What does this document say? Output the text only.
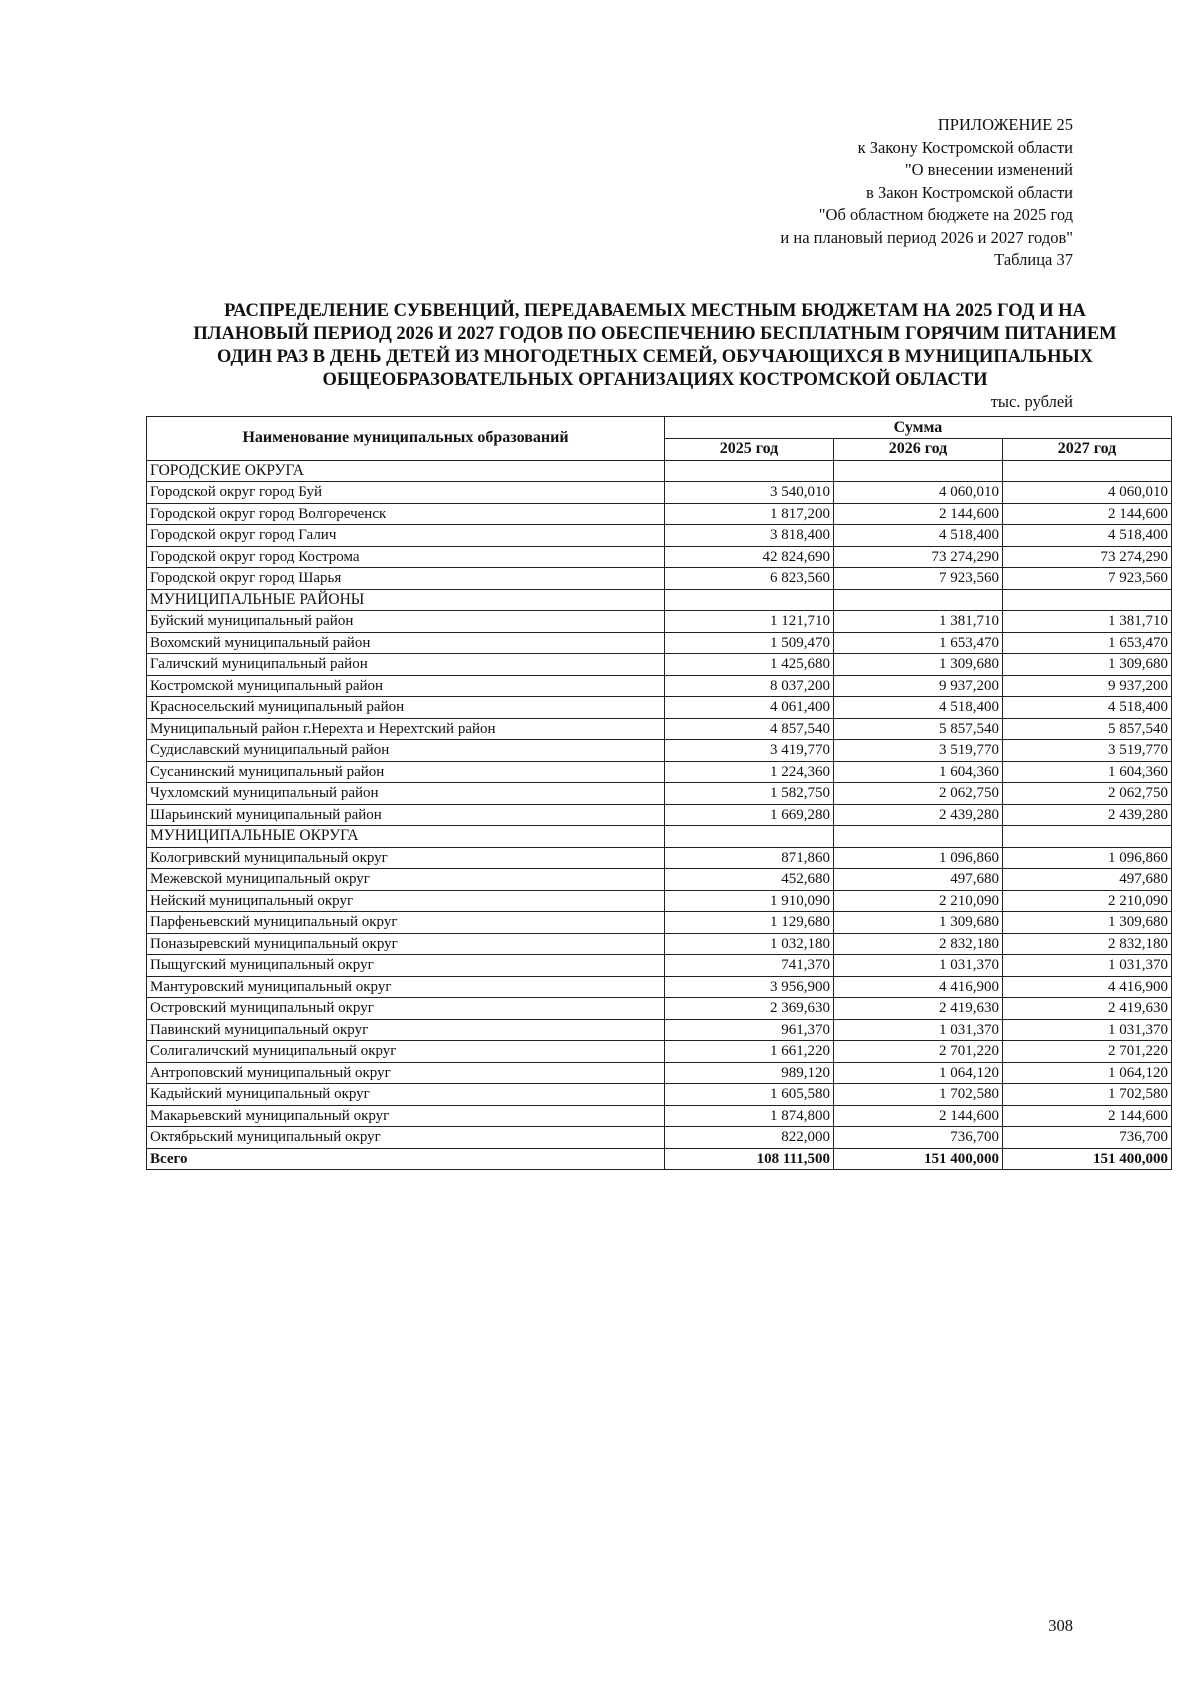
ПРИЛОЖЕНИЕ 25
к Закону Костромской области
"О внесении изменений
в Закон Костромской области
"Об областном бюджете на 2025 год
и на плановый период 2026 и 2027 годов"
Таблица 37
РАСПРЕДЕЛЕНИЕ СУБВЕНЦИЙ, ПЕРЕДАВАЕМЫХ МЕСТНЫМ БЮДЖЕТАМ НА 2025 ГОД И НА
ПЛАНОВЫЙ ПЕРИОД 2026 И 2027 ГОДОВ ПО ОБЕСПЕЧЕНИЮ БЕСПЛАТНЫМ ГОРЯЧИМ ПИТАНИЕМ
ОДИН РАЗ В ДЕНЬ ДЕТЕЙ ИЗ МНОГОДЕТНЫХ СЕМЕЙ, ОБУЧАЮЩИХСЯ В МУНИЦИПАЛЬНЫХ
ОБЩЕОБРАЗОВАТЕЛЬНЫХ ОРГАНИЗАЦИЯХ КОСТРОМСКОЙ ОБЛАСТИ
тыс. рублей
Наименование муниципальных образований	Сумма		
	2025 год	2026 год	2027 год
ГОРОДСКИЕ ОКРУГА			
Городской округ город Буй	3 540,010	4 060,010	4 060,010
Городской округ город Волгореченск	1 817,200	2 144,600	2 144,600
Городской округ город Галич	3 818,400	4 518,400	4 518,400
Городской округ город Кострома	42 824,690	73 274,290	73 274,290
Городской округ город Шарья	6 823,560	7 923,560	7 923,560
МУНИЦИПАЛЬНЫЕ РАЙОНЫ			
Буйский муниципальный район	1 121,710	1 381,710	1 381,710
Вохомский муниципальный район	1 509,470	1 653,470	1 653,470
Галичский муниципальный район	1 425,680	1 309,680	1 309,680
Костромской муниципальный район	8 037,200	9 937,200	9 937,200
Красносельский муниципальный район	4 061,400	4 518,400	4 518,400
Муниципальный район г.Нерехта и Нерехтский район	4 857,540	5 857,540	5 857,540
Судиславский муниципальный район	3 419,770	3 519,770	3 519,770
Сусанинский муниципальный район	1 224,360	1 604,360	1 604,360
Чухломский муниципальный район	1 582,750	2 062,750	2 062,750
Шарьинский муниципальный район	1 669,280	2 439,280	2 439,280
МУНИЦИПАЛЬНЫЕ ОКРУГА			
Кологривский муниципальный округ	871,860	1 096,860	1 096,860
Межевской муниципальный округ	452,680	497,680	497,680
Нейский муниципальный округ	1 910,090	2 210,090	2 210,090
Парфеньевский муниципальный округ	1 129,680	1 309,680	1 309,680
Поназыревский муниципальный округ	1 032,180	2 832,180	2 832,180
Пыщугский муниципальный округ	741,370	1 031,370	1 031,370
Мантуровский муниципальный округ	3 956,900	4 416,900	4 416,900
Островский муниципальный округ	2 369,630	2 419,630	2 419,630
Павинский муниципальный округ	961,370	1 031,370	1 031,370
Солигаличский муниципальный округ	1 661,220	2 701,220	2 701,220
Антроповский муниципальный округ	989,120	1 064,120	1 064,120
Кадыйский муниципальный округ	1 605,580	1 702,580	1 702,580
Макарьевский муниципальный округ	1 874,800	2 144,600	2 144,600
Октябрьский муниципальный округ	822,000	736,700	736,700
Всего	108 111,500	151 400,000	151 400,000
308
